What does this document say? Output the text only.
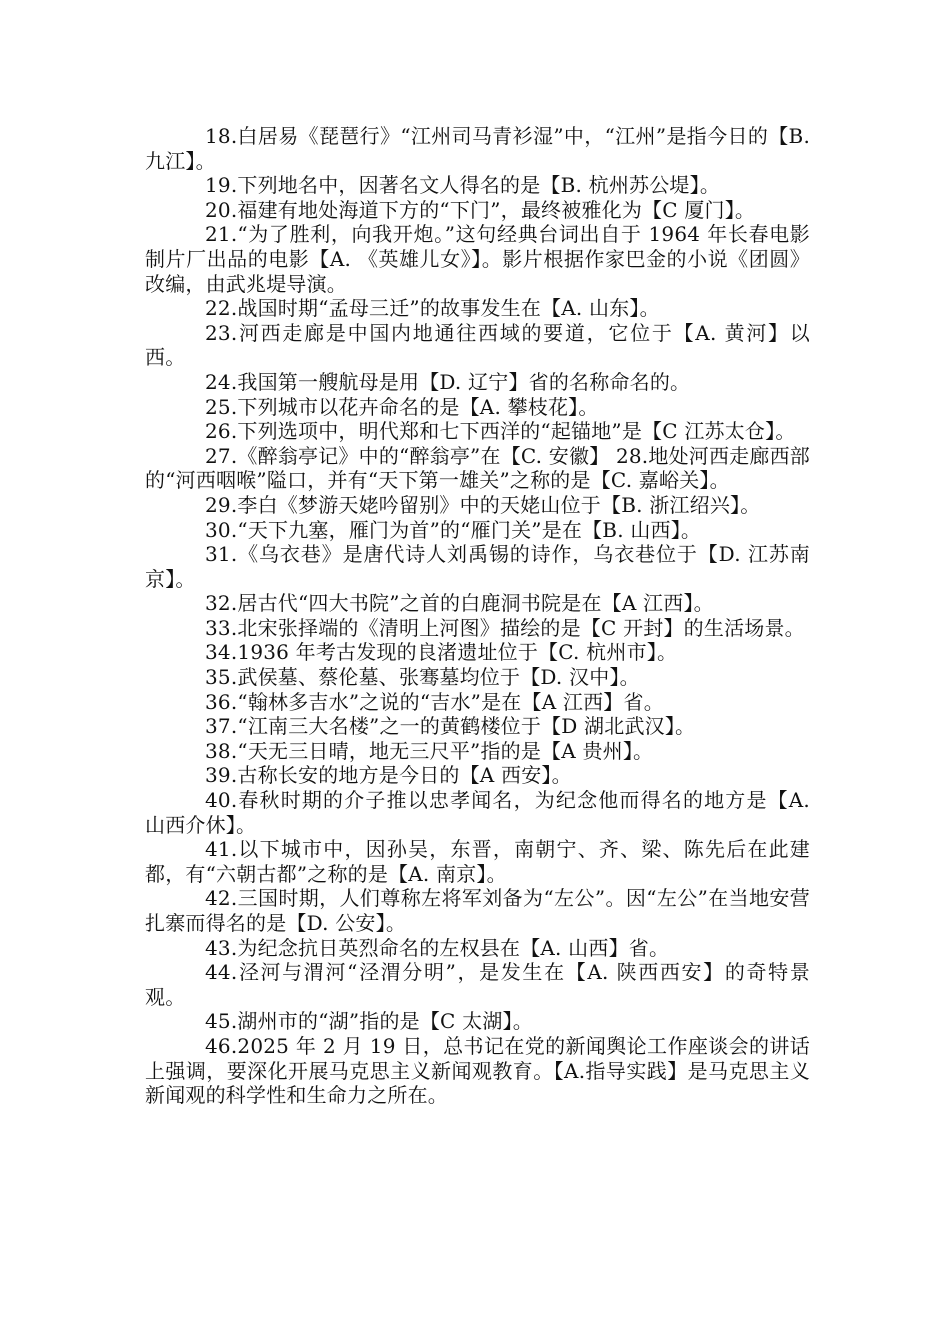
18.白居易《琵琶行》“江州司马青衫湿”中，“江州”是指今日的【B. 九江】。

19.下列地名中，因著名文人得名的是【B. 杭州苏公堤】。

20.福建有地处海道下方的“下门”，最终被雅化为【C 厦门】。

21.“为了胜利，向我开炮。”这句经典台词出自于 1964 年长春电影制片厂出品的电影【A. 《英雄儿女》】。影片根据作家巴金的小说《团圆》改编，由武兆堤导演。

22.战国时期“孟母三迁”的故事发生在【A. 山东】。

23.河西走廊是中国内地通往西域的要道，它位于【A. 黄河】以西。

24.我国第一艘航母是用【D. 辽宁】省的名称命名的。

25.下列城市以花卉命名的是【A. 攀枝花】。

26.下列选项中，明代郑和七下西洋的“起锚地”是【C 江苏太仓】。

27.《醉翁亭记》中的“醉翁亭”在【C. 安徽】 28.地处河西走廊西部的“河西咽喉”隘口，并有“天下第一雄关”之称的是【C. 嘉峪关】。

29.李白《梦游天姥吟留别》中的天姥山位于【B. 浙江绍兴】。

30.“天下九塞，雁门为首”的“雁门关”是在【B. 山西】。

31.《乌衣巷》是唐代诗人刘禹锡的诗作，乌衣巷位于【D. 江苏南京】。

32.居古代“四大书院”之首的白鹿洞书院是在【A 江西】。

33.北宋张择端的《清明上河图》描绘的是【C 开封】的生活场景。

34.1936 年考古发现的良渚遗址位于【C. 杭州市】。

35.武侯墓、蔡伦墓、张骞墓均位于【D. 汉中】。

36.“翰林多吉水”之说的“吉水”是在【A 江西】省。

37.“江南三大名楼”之一的黄鹤楼位于【D 湖北武汉】。

38.“天无三日晴，地无三尺平”指的是【A 贵州】。

39.古称长安的地方是今日的【A 西安】。

40.春秋时期的介子推以忠孝闻名，为纪念他而得名的地方是【A. 山西介休】。

41.以下城市中，因孙吴，东晋，南朝宁、齐、梁、陈先后在此建都，有“六朝古都”之称的是【A. 南京】。

42.三国时期，人们尊称左将军刘备为“左公”。因“左公”在当地安营扎寨而得名的是【D. 公安】。

43.为纪念抗日英烈命名的左权县在【A. 山西】省。

44.泾河与渭河“泾渭分明”，是发生在【A. 陕西西安】的奇特景观。

45.湖州市的“湖”指的是【C 太湖】。

46.2025 年 2 月 19 日，总书记在党的新闻舆论工作座谈会的讲话上强调，要深化开展马克思主义新闻观教育。【A.指导实践】是马克思主义新闻观的科学性和生命力之所在。
